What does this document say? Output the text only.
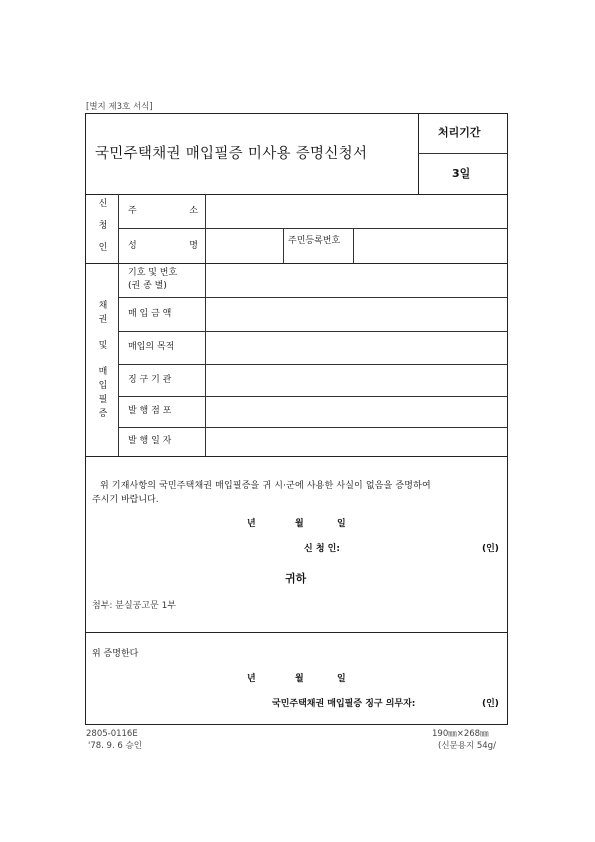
[별지 제3호 서식]
국민주택채권 매입필증 미사용 증명신청서
처리기간
3일
신
청
인
주	소
성	명	주민등록번호
채
권
및
매
입
필
증
기호 및 번호
(권 종 별)
매 입 금 액
매입의 목적
징 구 기 관
발 행 점 포
발 행 일 자
위 기재사항의 국민주택채권 매입필증을 귀 시·군에 사용한 사실이 없음을 증명하여
주시기 바랍니다.
년	월	일
신 청 인:	(인)
귀하
첨부: 분실공고문 1부
위 증명한다
년	월	일
국민주택채권 매입필증 징구 의무자:	(인)
2805-0116E
'78. 9. 6 승인
190㎜×268㎜
(신문용지 54g/
